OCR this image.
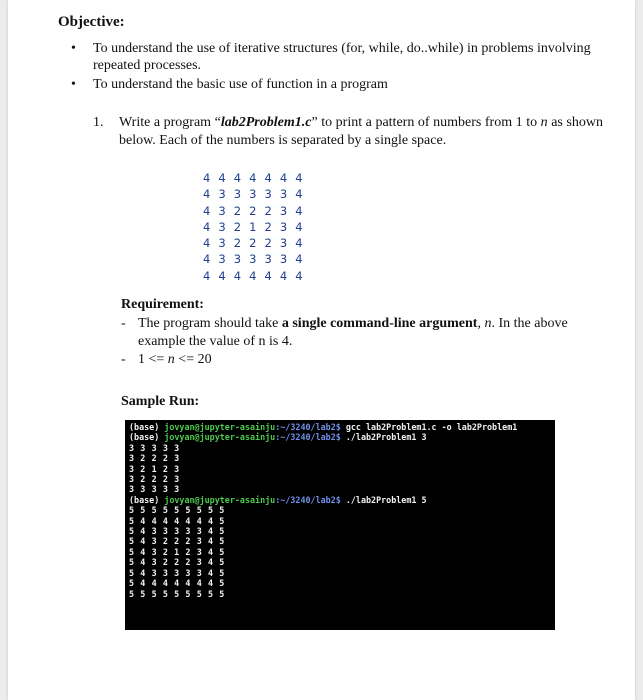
Objective:
• To understand the use of iterative structures (for, while, do..while) in problems involving repeated processes.
• To understand the basic use of function in a program
1.	Write a program “lab2Problem1.c” to print a pattern of numbers from 1 to n as shown below. Each of the numbers is separated by a single space.
4 4 4 4 4 4 4
4 3 3 3 3 3 4
4 3 2 2 2 3 4
4 3 2 1 2 3 4
4 3 2 2 2 3 4
4 3 3 3 3 3 4
4 4 4 4 4 4 4
Requirement:
- The program should take a single command-line argument, n. In the above example the value of n is 4.
- 1 <= n <= 20
Sample Run:
(base) jovyan@jupyter-asainju:~/3240/lab2$ gcc lab2Problem1.c -o lab2Problem1
(base) jovyan@jupyter-asainju:~/3240/lab2$ ./lab2Problem1 3
3 3 3 3 3
3 2 2 2 3
3 2 1 2 3
3 2 2 2 3
3 3 3 3 3
(base) jovyan@jupyter-asainju:~/3240/lab2$ ./lab2Problem1 5
5 5 5 5 5 5 5 5 5
5 4 4 4 4 4 4 4 5
5 4 3 3 3 3 3 4 5
5 4 3 2 2 2 3 4 5
5 4 3 2 1 2 3 4 5
5 4 3 2 2 2 3 4 5
5 4 3 3 3 3 3 4 5
5 4 4 4 4 4 4 4 5
5 5 5 5 5 5 5 5 5
